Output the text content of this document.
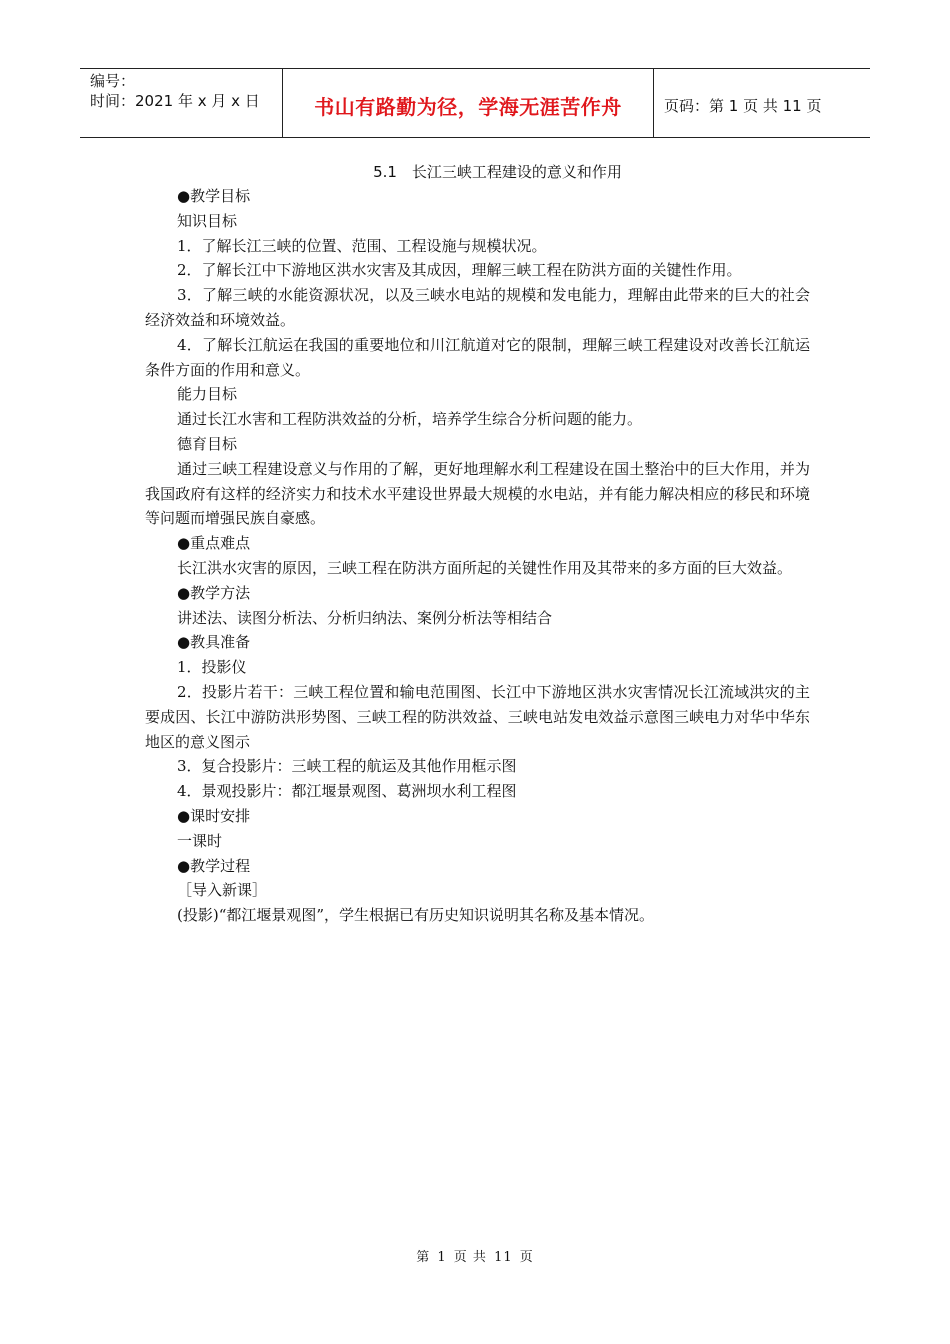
编号：
时间：2021 年 x 月 x 日	书山有路勤为径，学海无涯苦作舟	页码：第 1 页 共 11 页
5.1　长江三峡工程建设的意义和作用

●教学目标

知识目标

1．了解长江三峡的位置、范围、工程设施与规模状况。

2．了解长江中下游地区洪水灾害及其成因，理解三峡工程在防洪方面的关键性作用。

3．了解三峡的水能资源状况，以及三峡水电站的规模和发电能力，理解由此带来的巨大的社会经济效益和环境效益。

4．了解长江航运在我国的重要地位和川江航道对它的限制，理解三峡工程建设对改善长江航运条件方面的作用和意义。

能力目标

通过长江水害和工程防洪效益的分析，培养学生综合分析问题的能力。

德育目标

通过三峡工程建设意义与作用的了解，更好地理解水利工程建设在国土整治中的巨大作用，并为我国政府有这样的经济实力和技术水平建设世界最大规模的水电站，并有能力解决相应的移民和环境等问题而增强民族自豪感。

●重点难点

长江洪水灾害的原因，三峡工程在防洪方面所起的关键性作用及其带来的多方面的巨大效益。

●教学方法

讲述法、读图分析法、分析归纳法、案例分析法等相结合

●教具准备

1．投影仪

2．投影片若干：三峡工程位置和输电范围图、长江中下游地区洪水灾害情况长江流域洪灾的主要成因、长江中游防洪形势图、三峡工程的防洪效益、三峡电站发电效益示意图三峡电力对华中华东地区的意义图示

3．复合投影片：三峡工程的航运及其他作用框示图

4．景观投影片：都江堰景观图、葛洲坝水利工程图

●课时安排

一课时

●教学过程

［导入新课］

(投影)“都江堰景观图”，学生根据已有历史知识说明其名称及基本情况。

第 1 页 共 11 页
